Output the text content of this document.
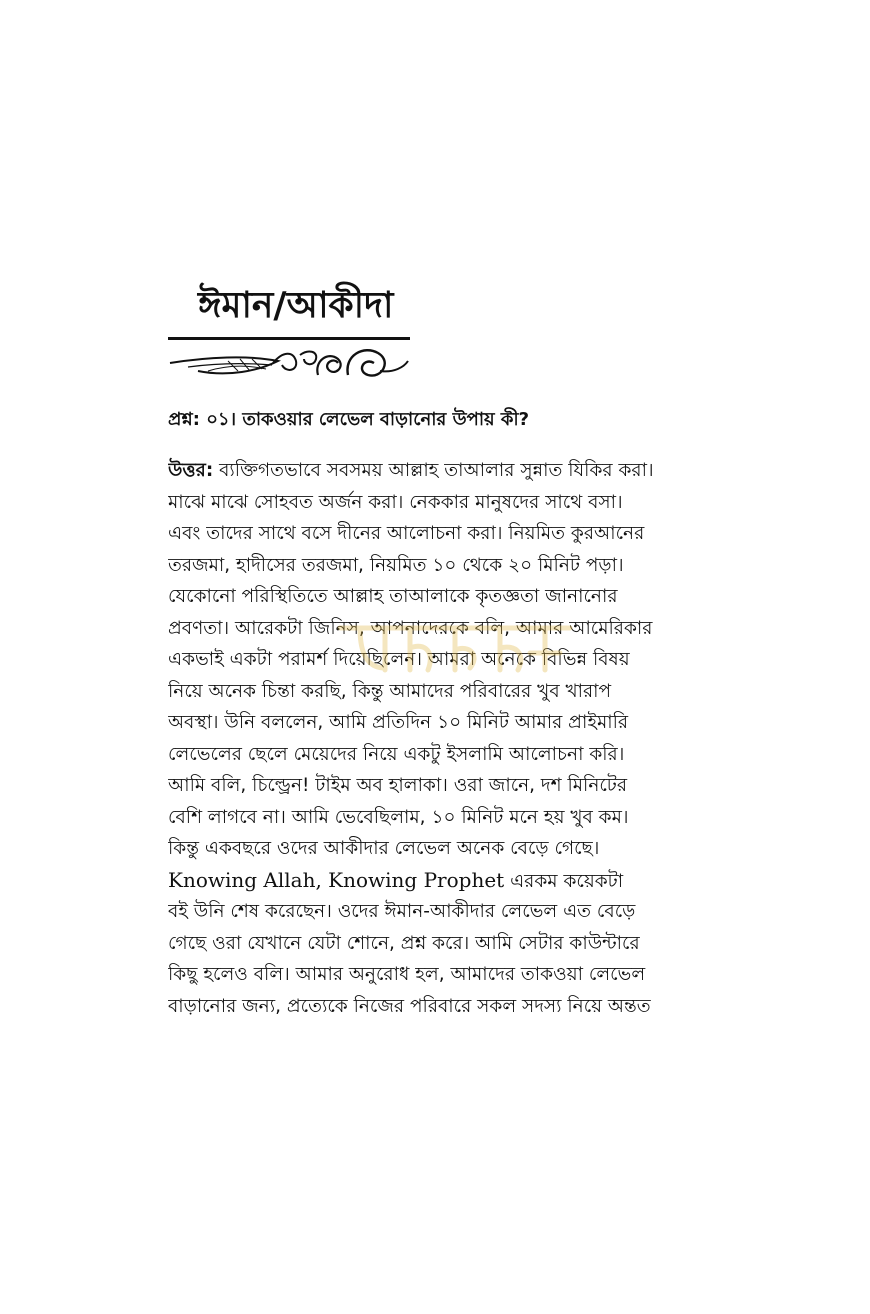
ঈমান/আকীদা
প্রশ্ন: ০১। তাকওয়ার লেভেল বাড়ানোর উপায় কী?
উত্তর: ব্যক্তিগতভাবে সবসময় আল্লাহ তাআলার সুন্নাত যিকির করা।
মাঝে মাঝে সোহবত অর্জন করা। নেককার মানুষদের সাথে বসা।
এবং তাদের সাথে বসে দীনের আলোচনা করা। নিয়মিত কুরআনের
তরজমা, হাদীসের তরজমা, নিয়মিত ১০ থেকে ২০ মিনিট পড়া।
যেকোনো পরিস্থিতিতে আল্লাহ তাআলাকে কৃতজ্ঞতা জানানোর
প্রবণতা। আরেকটা জিনিস, আপনাদেরকে বলি, আমার আমেরিকার
একভাই একটা পরামর্শ দিয়েছিলেন। আমরা অনেকে বিভিন্ন বিষয়
নিয়ে অনেক চিন্তা করছি, কিন্তু আমাদের পরিবারের খুব খারাপ
অবস্থা। উনি বললেন, আমি প্রতিদিন ১০ মিনিট আমার প্রাইমারি
লেভেলের ছেলে মেয়েদের নিয়ে একটু ইসলামি আলোচনা করি।
আমি বলি, চিল্ড্রেন! টাইম অব হালাকা। ওরা জানে, দশ মিনিটের
বেশি লাগবে না। আমি ভেবেছিলাম, ১০ মিনিট মনে হয় খুব কম।
কিন্তু একবছরে ওদের আকীদার লেভেল অনেক বেড়ে গেছে।
Knowing Allah, Knowing Prophet এরকম কয়েকটা
বই উনি শেষ করেছেন। ওদের ঈমান-আকীদার লেভেল এত বেড়ে
গেছে ওরা যেখানে যেটা শোনে, প্রশ্ন করে। আমি সেটার কাউন্টারে
কিছু হলেও বলি। আমার অনুরোধ হল, আমাদের তাকওয়া লেভেল
বাড়ানোর জন্য, প্রত্যেকে নিজের পরিবারে সকল সদস্য নিয়ে অন্তত
